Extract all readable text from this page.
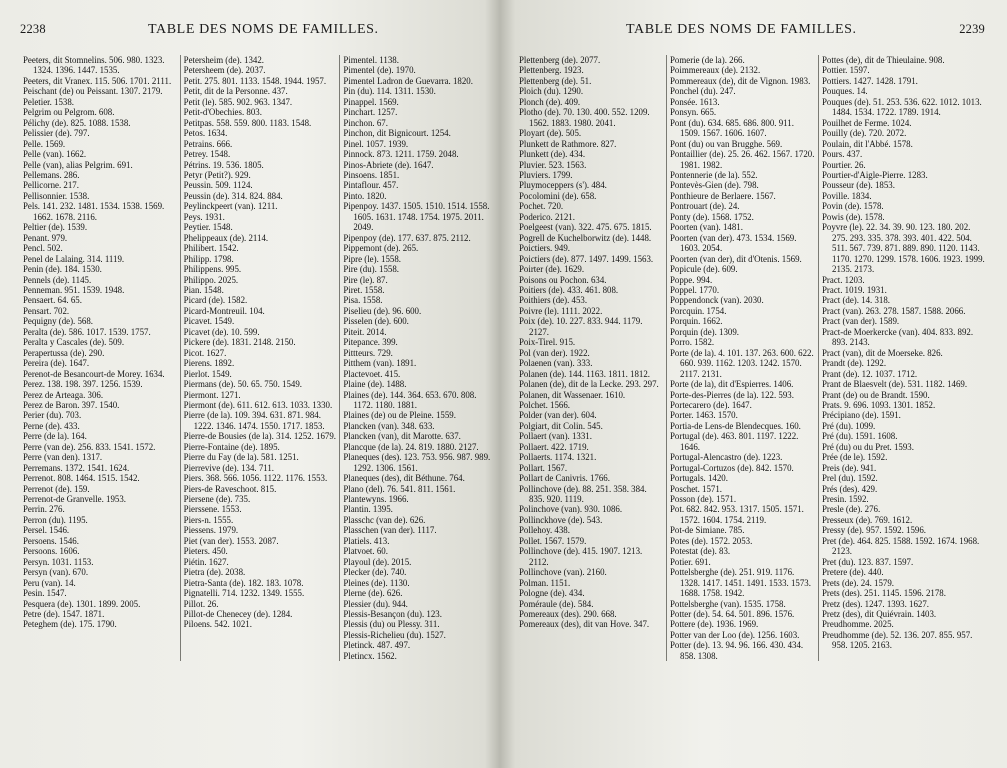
2238	TABLE DES NOMS DE FAMILLES.
Peeters, dit Stomnelins. 506. 980. 1323. 1324. 1396. 1447. 1535.
Peeters, dit Vranex. 115. 506. 1701. 2111.
Peischant (de) ou Peissant. 1307. 2179.
Peletier. 1538.
Pelgrim ou Pelgrom. 608.
Pélichy (de). 825. 1088. 1538.
Pelissier (de). 797.
Pelle. 1569.
Pelle (van). 1662.
Pelle (van), alias Pelgrim. 691.
Pellemans. 286.
Pellicorne. 217.
Pellisonnier. 1538.
Pels. 141. 232. 1481. 1534. 1538. 1569. 1662. 1678. 2116.
Peltier (de). 1539.
Penant. 979.
Pencl. 502.
Penel de Lalaing. 314. 1119.
Penin (de). 184. 1530.
Pennels (de). 1145.
Penneman. 951. 1539. 1948.
Pensaert. 64. 65.
Pensart. 702.
Pequigny (de). 568.
Peralta (de). 586. 1017. 1539. 1757.
Peralta y Cascales (de). 509.
Perapertussa (de). 290.
Pereira (de). 1647.
Perenot-de Besancourt-de Morey. 1634.
Perez. 138. 198. 397. 1256. 1539.
Perez de Arteaga. 306.
Perez de Baron. 397. 1540.
Perier (du). 703.
Perne (de). 433.
Perre (de la). 164.
Perre (van de). 256. 833. 1541. 1572.
Perre (van den). 1317.
Perremans. 1372. 1541. 1624.
Perrenot. 808. 1464. 1515. 1542.
Perrenot (de). 159.
Perrenot-de Granvelle. 1953.
Perrin. 276.
Perron (du). 1195.
Persel. 1546.
Persoens. 1546.
Persoons. 1606.
Persyn. 1031. 1153.
Persyn (van). 670.
Peru (van). 14.
Pesin. 1547.
Pesquera (de). 1301. 1899. 2005.
Petre (de). 1547. 1871.
Peteghem (de). 175. 1790.
Petersheim (de). 1342.
Petersheem (de). 2037.
Petit. 275. 801. 1133. 1548. 1944. 1957.
Petit, dit de la Personne. 437.
Petit (le). 585. 902. 963. 1347.
Petit-d'Obechies. 803.
Petitpas. 558. 559. 800. 1183. 1548.
Petos. 1634.
Petrains. 666.
Petrey. 1548.
Pétrins. 19. 536. 1805.
Petyr (Petit?). 929.
Peussin. 509. 1124.
Peussin (de). 314. 824. 884.
Peylinckpeert (van). 1211.
Peys. 1931.
Peytier. 1548.
Phelippeaux (de). 2114.
Philibert. 1542.
Philipp. 1798.
Philippens. 995.
Philippo. 2025.
Pian. 1548.
Picard (de). 1582.
Picard-Montreuil. 104.
Picavet. 1549.
Picavet (de). 10. 599.
Pickere (de). 1831. 2148. 2150.
Picot. 1627.
Pierens. 1892.
Pierlot. 1549.
Piermans (de). 50. 65. 750. 1549.
Piermont. 1271.
Piermont (de). 611. 612. 613. 1033. 1330.
Pierre (de la). 109. 394. 631. 871. 984. 1222. 1346. 1474. 1550. 1717. 1853.
Pierre-de Bousies (de la). 314. 1252. 1679.
Pierre-Fontaine (de). 1895.
Pierre du Fay (de la). 581. 1251.
Pierrevive (de). 134. 711.
Piers. 368. 566. 1056. 1122. 1176. 1553.
Piers-de Raveschoot. 815.
Piersene (de). 735.
Pierssene. 1553.
Piers‑n. 1555.
Piessens. 1979.
Piet (van der). 1553. 2087.
Pieters. 450.
Piétin. 1627.
Pietra (de). 2038.
Pietra-Santa (de). 182. 183. 1078.
Pignatelli. 714. 1232. 1349. 1555.
Pillot. 26.
Pillot-de Chenecey (de). 1284.
Piloens. 542. 1021.
Pimentel. 1138.
Pimentel (de). 1970.
Pimentel Ladron de Guevarra. 1820.
Pin (du). 114. 1311. 1530.
Pinappel. 1569.
Pinchart. 1257.
Pinchon. 67.
Pinchon, dit Bignicourt. 1254.
Pinel. 1057. 1939.
Pinnock. 873. 1211. 1759. 2048.
Pinos-Abriete (de). 1647.
Pinsoens. 1851.
Pintaflour. 457.
Pinto. 1820.
Pipenpoy. 1437. 1505. 1510. 1514. 1558. 1605. 1631. 1748. 1754. 1975. 2011. 2049.
Pipenpoy (de). 177. 637. 875. 2112.
Pippemont (de). 265.
Pipre (le). 1558.
Pire (du). 1558.
Pire (le). 87.
Piret. 1558.
Pisa. 1558.
Piselieu (de). 96. 600.
Pisselen (de). 600.
Piteit. 2014.
Pitepance. 399.
Pittteurs. 729.
Pitthem (van). 1891.
Plactevoet. 415.
Plaine (de). 1488.
Plaines (de). 144. 364. 653. 670. 808. 1172. 1180. 1881.
Plaines (de) ou de Pleine. 1559.
Plancken (van). 348. 633.
Plancken (van), dit Marotte. 637.
Plancque (de la). 24. 819. 1880. 2127.
Planeques (des). 123. 753. 956. 987. 989. 1292. 1306. 1561.
Planeques (des), dit Béthune. 764.
Plano (del). 76. 541. 811. 1561.
Plantewyns. 1966.
Plantin. 1395.
Plasschc (van de). 626.
Plasschen (van der). 1117.
Platiels. 413.
Platvoet. 60.
Playoul (de). 2015.
Plecker (de). 740.
Pleines (de). 1130.
Plerne (de). 626.
Plessier (du). 944.
Plessis-Besançon (du). 123.
Plessis (du) ou Plessy. 311.
Plessis-Richelieu (du). 1527.
Pletinck. 487. 497.
Pletincx. 1562.
TABLE DES NOMS DE FAMILLES.	2239
Plettenberg (de). 2077.
Plettenberg. 1923.
Plettenberg (de). 51.
Ploich (du). 1290.
Plonch (de). 409.
Plotho (de). 70. 130. 400. 552. 1209. 1562. 1883. 1980. 2041.
Ployart (de). 505.
Plunkett de Rathmore. 827.
Plunkett (de). 434.
Pluvier. 523. 1563.
Pluviers. 1799.
Pluymoceppers (s'). 484.
Pocolomini (de). 658.
Pochet. 720.
Poderico. 2121.
Poelgeest (van). 322. 475. 675. 1815.
Pogrell de Kuchelborwitz (de). 1448.
Poictiers. 949.
Poictiers (de). 877. 1497. 1499. 1563.
Poirter (de). 1629.
Poisons ou Pochon. 634.
Poitiers (de). 433. 461. 808.
Poithiers (de). 453.
Poivre (le). 1111. 2022.
Poix (de). 10. 227. 833. 944. 1179. 2127.
Poix-Tirel. 915.
Pol (van der). 1922.
Polaenen (van). 333.
Polanen (de). 144. 1163. 1811. 1812.
Polanen (de), dit de la Lecke. 293. 297.
Polanen, dit Wassenaer. 1610.
Polchet. 1566.
Polder (van der). 604.
Polgiart, dit Colin. 545.
Pollaert (van). 1331.
Pollaert. 422. 1719.
Pollaerts. 1174. 1321.
Pollart. 1567.
Pollart de Canivris. 1766.
Pollinchove (de). 88. 251. 358. 384. 835. 920. 1119.
Polinchove (van). 930. 1086.
Pollinckhove (de). 543.
Pollehoy. 438.
Pollet. 1567. 1579.
Pollinchove (de). 415. 1907. 1213. 2112.
Pollinchove (van). 2160.
Polman. 1151.
Pologne (de). 434.
Poméraule (de). 584.
Pomereaux (des). 290. 668.
Pomereaux (des), dit van Hove. 347.
Pomerie (de la). 266.
Poimmereaux (de). 2132.
Pommereaux (de), dit de Vignon. 1983.
Ponchel (du). 247.
Ponsée. 1613.
Ponsyn. 665.
Pont (du). 634. 685. 686. 800. 911. 1509. 1567. 1606. 1607.
Pont (du) ou van Brugghe. 569.
Pontaillier (de). 25. 26. 462. 1567. 1720. 1981. 1982.
Pontennerie (de la). 552.
Pontevès-Gien (de). 798.
Ponthieure de Berlaere. 1567.
Pontrouart (de). 24.
Ponty (de). 1568. 1752.
Poorten (van). 1481.
Poorten (van der). 473. 1534. 1569. 1603. 2054.
Poorten (van der), dit d'Otenis. 1569.
Popicule (de). 609.
Poppe. 994.
Poppel. 1770.
Poppendonck (van). 2030.
Porcquin. 1754.
Porquin. 1662.
Porquin (de). 1309.
Porro. 1582.
Porte (de la). 4. 101. 137. 263. 600. 622. 660. 939. 1162. 1203. 1242. 1570. 2117. 2131.
Porte (de la), dit d'Espierres. 1406.
Porte-des-Pierres (de la). 122. 593.
Portecarero (de). 1647.
Porter. 1463. 1570.
Portia-de Lens-de Blendecques. 160.
Portugal (de). 463. 801. 1197. 1222. 1646.
Portugal-Alencastro (de). 1223.
Portugal-Cortuzos (de). 842. 1570.
Portugals. 1420.
Poschet. 1571.
Posson (de). 1571.
Pot. 682. 842. 953. 1317. 1505. 1571. 1572. 1604. 1754. 2119.
Pot-de Simiane. 785.
Potes (de). 1572. 2053.
Potestat (de). 83.
Potier. 691.
Pottelsberghe (de). 251. 919. 1176. 1328. 1417. 1451. 1491. 1533. 1573. 1688. 1758. 1942.
Pottelsberghe (van). 1535. 1758.
Potter (de). 54. 64. 501. 896. 1576.
Pottere (de). 1936. 1969.
Potter van der Loo (de). 1256. 1603.
Potter (de). 13. 94. 96. 166. 430. 434. 858. 1308.
Pottes (de), dit de Thieulaine. 908.
Pottier. 1597.
Pottiers. 1427. 1428. 1791.
Pouques. 14.
Pouques (de). 51. 253. 536. 622. 1012. 1013. 1484. 1534. 1722. 1789. 1914.
Pouilhet de Ferme. 1024.
Pouilly (de). 720. 2072.
Poulain, dit l'Abbé. 1578.
Pours. 437.
Pourtier. 26.
Pourtier-d'Aigle-Pierre. 1283.
Pousseur (de). 1853.
Poville. 1834.
Povin (de). 1578.
Powis (de). 1578.
Poyvre (le). 22. 34. 39. 90. 123. 180. 202. 275. 293. 335. 378. 393. 401. 422. 504. 511. 567. 739. 871. 889. 890. 1120. 1143. 1170. 1270. 1299. 1578. 1606. 1923. 1999. 2135. 2173.
Pract. 1203.
Pract. 1019. 1931.
Pract (de). 14. 318.
Pract (van). 263. 278. 1587. 1588. 2066.
Pract (van der). 1589.
Pract-de Moerkercke (van). 404. 833. 892. 893. 2143.
Pract (van), dit de Moerseke. 826.
Prandt (de). 1292.
Prant (de). 12. 1037. 1712.
Prant de Blaesvelt (de). 531. 1182. 1469.
Prant (de) ou de Brandt. 1590.
Prats. 9. 696. 1093. 1301. 1852.
Précipiano (de). 1591.
Pré (du). 1099.
Pré (du). 1591. 1608.
Pré (du) ou du Pret. 1593.
Prée (de le). 1592.
Preis (de). 941.
Prel (du). 1592.
Prés (des). 429.
Presin. 1592.
Presle (de). 276.
Presseux (de). 769. 1612.
Pressy (de). 957. 1592. 1596.
Pret (de). 464. 825. 1588. 1592. 1674. 1968. 2123.
Pret (du). 123. 837. 1597.
Pretere (de). 440.
Prets (de). 24. 1579.
Prets (des). 251. 1145. 1596. 2178.
Pretz (des). 1247. 1393. 1627.
Pretz (des), dit Quiévrain. 1403.
Preudhomme. 2025.
Preudhomme (de). 52. 136. 207. 855. 957. 958. 1205. 2163.
